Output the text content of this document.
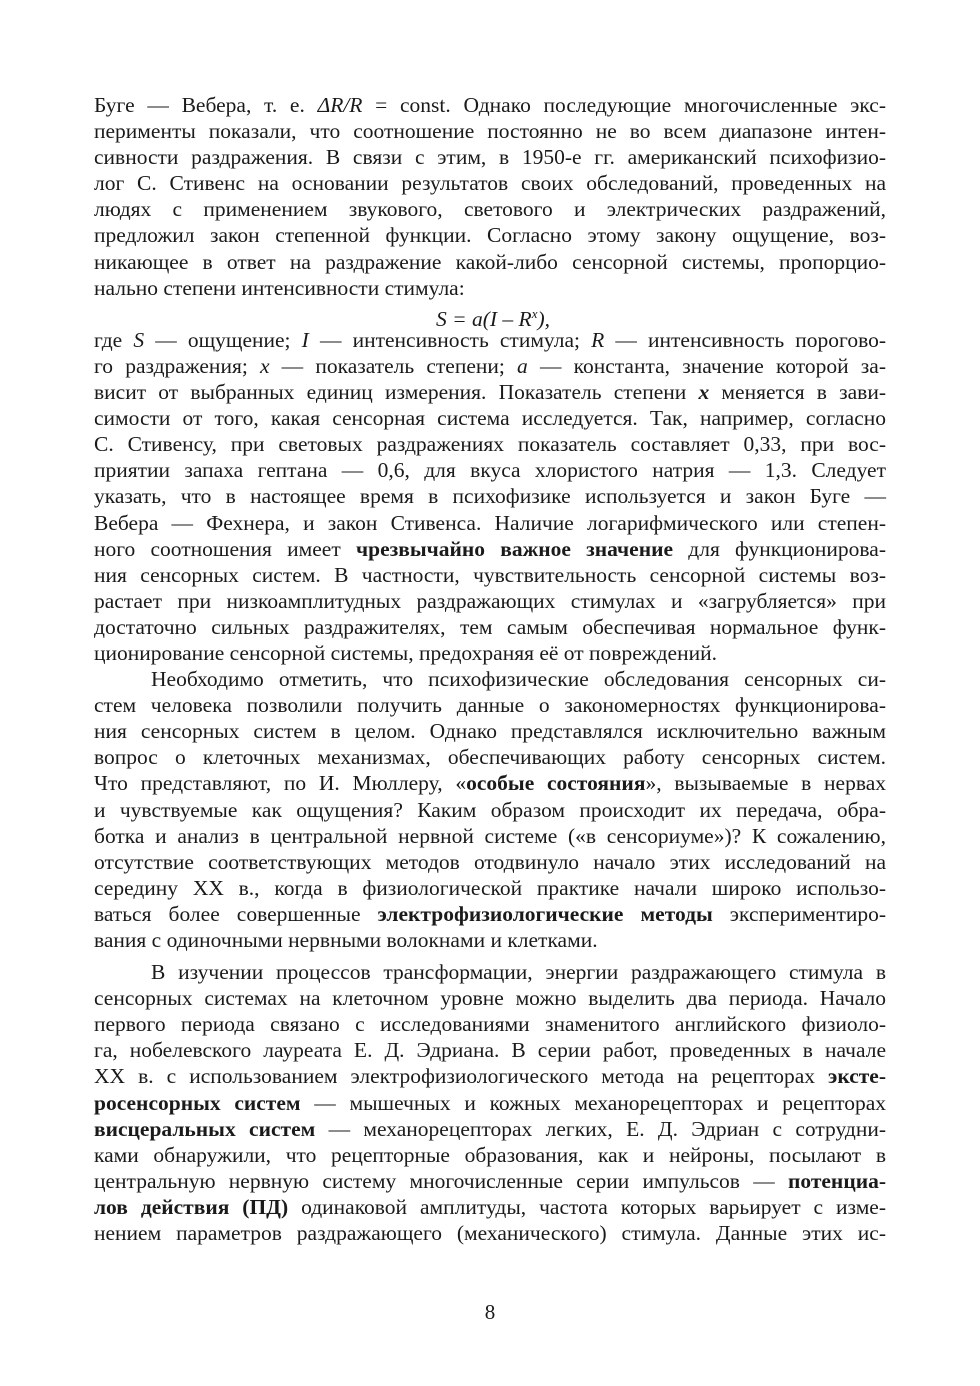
Буге — Вебера, т. е. ΔR/R = const. Однако последующие многочисленные экс-
перименты показали, что соотношение постоянно не во всем диапазоне интен-
сивности раздражения. В связи с этим, в 1950-е гг. американский психофизио-
лог С. Стивенс на основании результатов своих обследований, проведенных на
людях с применением звукового, светового и электрических раздражений,
предложил закон степенной функции. Согласно этому закону ощущение, воз-
никающее в ответ на раздражение какой-либо сенсорной системы, пропорцио-
нально степени интенсивности стимула:
$S = a(I - R^x)$,
где S — ощущение; I — интенсивность стимула; R — интенсивность порогово-
го раздражения; x — показатель степени; a — константа, значение которой за-
висит от выбранных единиц измерения. Показатель степени x меняется в зави-
симости от того, какая сенсорная система исследуется. Так, например, согласно
С. Стивенсу, при световых раздражениях показатель составляет 0,33, при вос-
приятии запаха гептана — 0,6, для вкуса хлористого натрия — 1,3. Следует
указать, что в настоящее время в психофизике используется и закон Буге —
Вебера — Фехнера, и закон Стивенса. Наличие логарифмического или степен-
ного соотношения имеет чрезвычайно важное значение для функционирова-
ния сенсорных систем. В частности, чувствительность сенсорной системы воз-
растает при низкоамплитудных раздражающих стимулах и «загрубляется» при
достаточно сильных раздражителях, тем самым обеспечивая нормальное функ-
ционирование сенсорной системы, предохраняя её от повреждений.
Необходимо отметить, что психофизические обследования сенсорных си-
стем человека позволили получить данные о закономерностях функционирова-
ния сенсорных систем в целом. Однако представлялся исключительно важным
вопрос о клеточных механизмах, обеспечивающих работу сенсорных систем.
Что представляют, по И. Мюллеру, «особые состояния», вызываемые в нервах
и чувствуемые как ощущения? Каким образом происходит их передача, обра-
ботка и анализ в центральной нервной системе («в сенсориуме»)? К сожалению,
отсутствие соответствующих методов отодвинуло начало этих исследований на
середину XX в., когда в физиологической практике начали широко использо-
ваться более совершенные электрофизиологические методы экспериментиро-
вания с одиночными нервными волокнами и клетками.
В изучении процессов трансформации, энергии раздражающего стимула в
сенсорных системах на клеточном уровне можно выделить два периода. Начало
первого периода связано с исследованиями знаменитого английского физиоло-
га, нобелевского лауреата Е. Д. Эдриана. В серии работ, проведенных в начале
XX в. с использованием электрофизиологического метода на рецепторах экстe-
росенсорных систем — мышечных и кожных механорецепторах и рецепторах
висцеральных систем — механорецепторах легких, Е. Д. Эдриан с сотрудни-
ками обнаружили, что рецепторные образования, как и нейроны, посылают в
центральную нервную систему многочисленные серии импульсов — потенциа-
лов действия (ПД) одинаковой амплитуды, частота которых варьирует с изме-
нением параметров раздражающего (механического) стимула. Данные этих ис-
8
